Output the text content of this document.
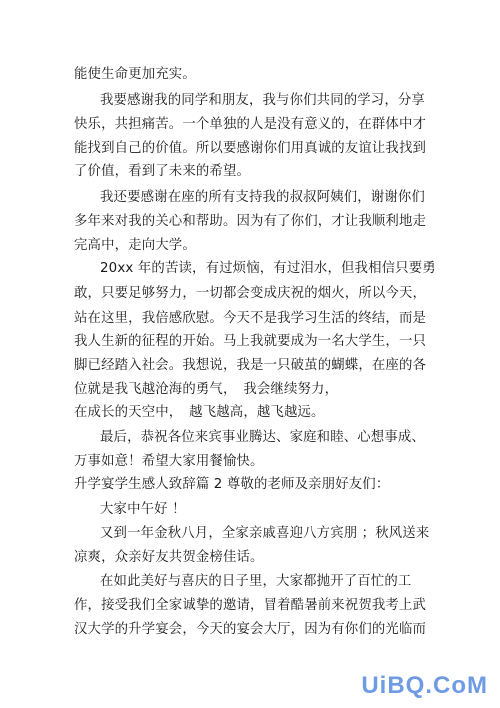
能使生命更加充实。
我要感谢我的同学和朋友，我与你们共同的学习，分享
快乐，共担痛苦。一个单独的人是没有意义的，在群体中才
能找到自己的价值。所以要感谢你们用真诚的友谊让我找到
了价值，看到了未来的希望。
我还要感谢在座的所有支持我的叔叔阿姨们，谢谢你们
多年来对我的关心和帮助。因为有了你们，才让我顺利地走
完高中，走向大学。
20xx 年的苦读，有过烦恼，有过泪水，但我相信只要勇
敢，只要足够努力，一切都会变成庆祝的烟火，所以今天，
站在这里，我倍感欣慰。今天不是我学习生活的终结，而是
我人生新的征程的开始。马上我就要成为一名大学生，一只
脚已经踏入社会。我想说，我是一只破茧的蝴蝶，在座的各
位就是我飞越沧海的勇气，　我会继续努力，
在成长的天空中，　越飞越高，越飞越远。
最后，恭祝各位来宾事业腾达、家庭和睦、心想事成、
万事如意！希望大家用餐愉快。
升学宴学生感人致辞篇 2 尊敬的老师及亲朋好友们：
大家中午好 ！
又到一年金秋八月，全家亲戚喜迎八方宾朋 ；秋风送来
凉爽，众亲好友共贺金榜佳话。
在如此美好与喜庆的日子里，大家都抛开了百忙的工
作，接受我们全家诚挚的邀请，冒着酷暑前来祝贺我考上武
汉大学的升学宴会，今天的宴会大厅，因为有你们的光临而
UiBQ.CoM
